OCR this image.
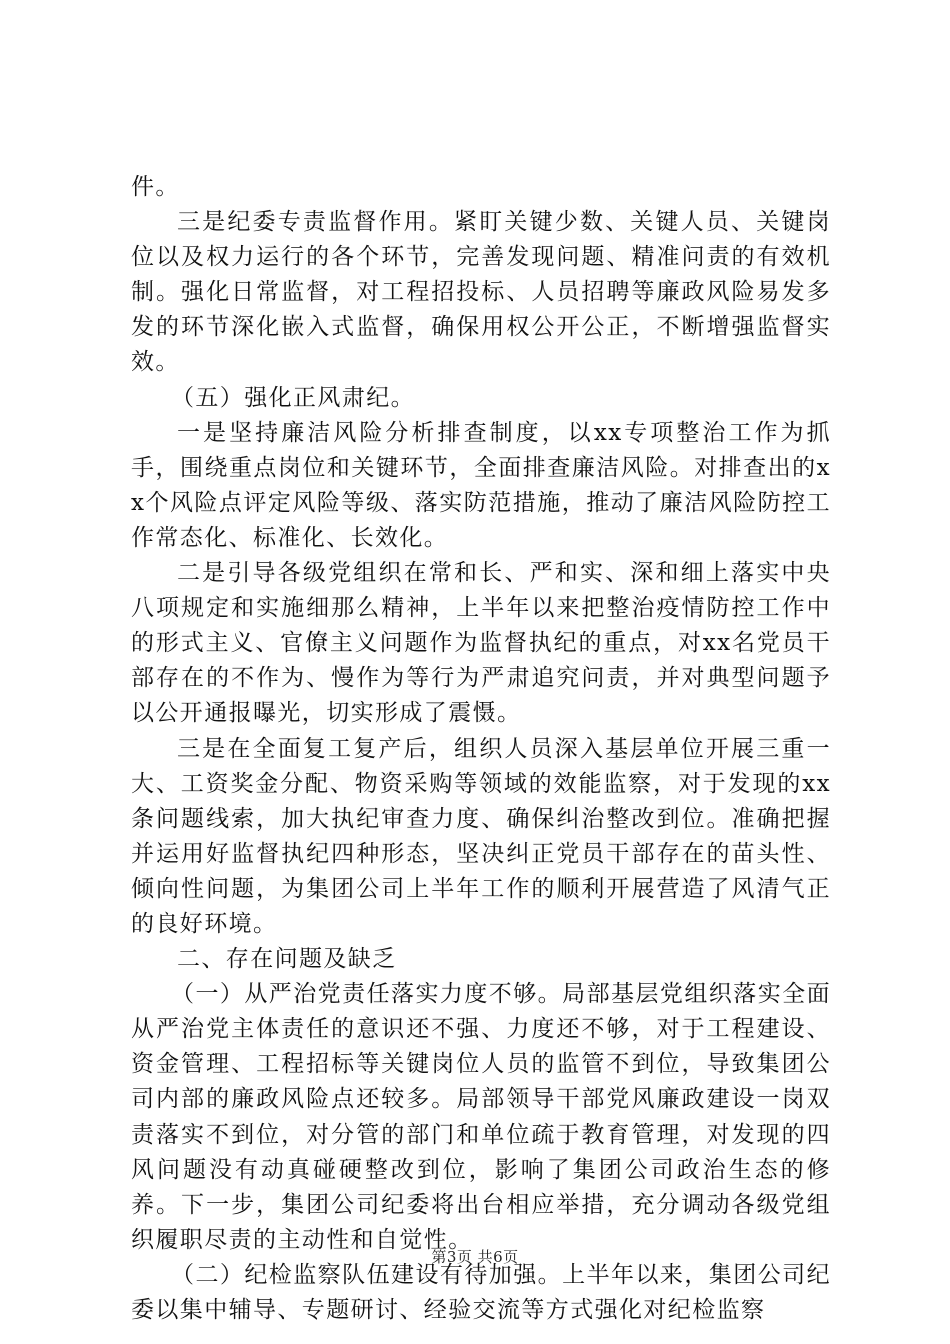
件。

三是纪委专责监督作用。紧盯关键少数、关键人员、关键岗位以及权力运行的各个环节，完善发现问题、精准问责的有效机制。强化日常监督，对工程招投标、人员招聘等廉政风险易发多发的环节深化嵌入式监督，确保用权公开公正，不断增强监督实效。

（五）强化正风肃纪。

一是坚持廉洁风险分析排查制度，以xx专项整治工作为抓手，围绕重点岗位和关键环节，全面排查廉洁风险。对排查出的xx个风险点评定风险等级、落实防范措施，推动了廉洁风险防控工作常态化、标准化、长效化。

二是引导各级党组织在常和长、严和实、深和细上落实中央八项规定和实施细那么精神，上半年以来把整治疫情防控工作中的形式主义、官僚主义问题作为监督执纪的重点，对xx名党员干部存在的不作为、慢作为等行为严肃追究问责，并对典型问题予以公开通报曝光，切实形成了震慑。

三是在全面复工复产后，组织人员深入基层单位开展三重一大、工资奖金分配、物资采购等领域的效能监察，对于发现的xx条问题线索，加大执纪审查力度、确保纠治整改到位。准确把握并运用好监督执纪四种形态，坚决纠正党员干部存在的苗头性、倾向性问题，为集团公司上半年工作的顺利开展营造了风清气正的良好环境。

二、存在问题及缺乏

（一）从严治党责任落实力度不够。局部基层党组织落实全面从严治党主体责任的意识还不强、力度还不够，对于工程建设、资金管理、工程招标等关键岗位人员的监管不到位，导致集团公司内部的廉政风险点还较多。局部领导干部党风廉政建设一岗双责落实不到位，对分管的部门和单位疏于教育管理，对发现的四风问题没有动真碰硬整改到位，影响了集团公司政治生态的修养。下一步，集团公司纪委将出台相应举措，充分调动各级党组织履职尽责的主动性和自觉性。

（二）纪检监察队伍建设有待加强。上半年以来，集团公司纪委以集中辅导、专题研讨、经验交流等方式强化对纪检监察

第3页 共6页
